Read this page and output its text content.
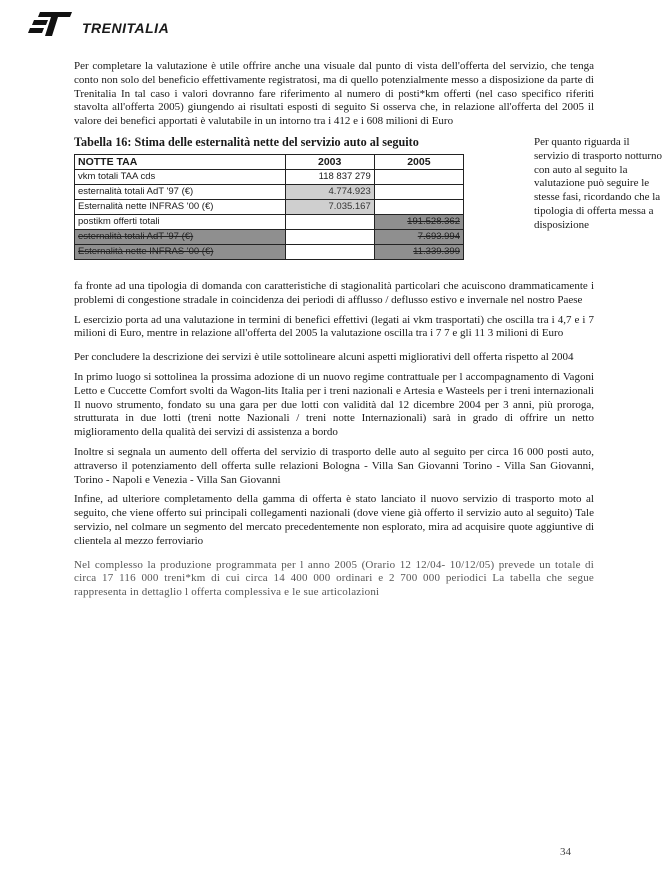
TRENITALIA

Per completare la valutazione è utile offrire anche una visuale dal punto di vista dell'offerta del servizio, che tenga conto non solo del beneficio effettivamente registratosi, ma di quello potenzialmente messo a disposizione da parte di Trenitalia In tal caso i valori dovranno fare riferimento al numero di posti*km offerti (nel caso specifico riferiti stavolta all'offerta 2005) giungendo ai risultati esposti di seguito Si osserva che, in relazione all'offerta del 2005 il valore dei benefici apportati è valutabile in un intorno tra i 412 e i 608 milioni di Euro

Tabella 16: Stima delle esternalità nette del servizio auto al seguito
NOTTE TAA	2003	2005
vkm totali TAA cds	118 837 279	
esternalità totali AdT '97 (€)	4.774.923	
Esternalità nette INFRAS '00 (€)	7.035.167	
postikm offerti totali		191.528.362
esternalità totali AdT '97 (€)		7.693.994
Esternalità nette INFRAS '00 (€)		11.339.399
Per quanto riguarda il servizio di trasporto notturno con auto al seguito la valutazione può seguire le stesse fasi, ricordando che la tipologia di offerta messa a disposizione

fa fronte ad una tipologia di domanda con caratteristiche di stagionalità particolari che acuiscono drammaticamente i problemi di congestione stradale in coincidenza dei periodi di afflusso / deflusso estivo e invernale nel nostro Paese

L esercizio porta ad una valutazione in termini di benefici effettivi (legati ai vkm trasportati) che oscilla tra i 4,7 e i 7 milioni di Euro, mentre in relazione all'offerta del 2005 la valutazione oscilla tra i 7 7 e gli 11 3 milioni di Euro

Per concludere la descrizione dei servizi è utile sottolineare alcuni aspetti migliorativi dell offerta rispetto al 2004

In primo luogo si sottolinea la prossima adozione di un nuovo regime contrattuale per l accompagnamento di Vagoni Letto e Cuccette Comfort svolti da Wagon-lits Italia per i treni nazionali e Artesia e Wasteels per i treni internazionali Il nuovo strumento, fondato su una gara per due lotti con validità dal 12 dicembre 2004 per 3 anni, più proroga, strutturata in due lotti (treni notte Nazionali / treni notte Internazionali) sarà in grado di offrire un netto miglioramento della qualità dei servizi di assistenza a bordo

Inoltre si segnala un aumento dell offerta del servizio di trasporto delle auto al seguito per circa 16 000 posti auto, attraverso il potenziamento dell offerta sulle relazioni Bologna - Villa San Giovanni Torino - Villa San Giovanni, Torino - Napoli e Venezia - Villa San Giovanni

Infine, ad ulteriore completamento della gamma di offerta è stato lanciato il nuovo servizio di trasporto moto al seguito, che viene offerto sui principali collegamenti nazionali (dove viene già offerto il servizio auto al seguito) Tale servizio, nel colmare un segmento del mercato precedentemente non esplorato, mira ad acquisire quote aggiuntive di clientela al mezzo ferroviario

Nel complesso la produzione programmata per l anno 2005 (Orario 12 12/04- 10/12/05) prevede un totale di circa 17 116 000 treni*km di cui circa 14 400 000 ordinari e 2 700 000 periodici La tabella che segue rappresenta in dettaglio l offerta complessiva e le sue articolazioni

34
